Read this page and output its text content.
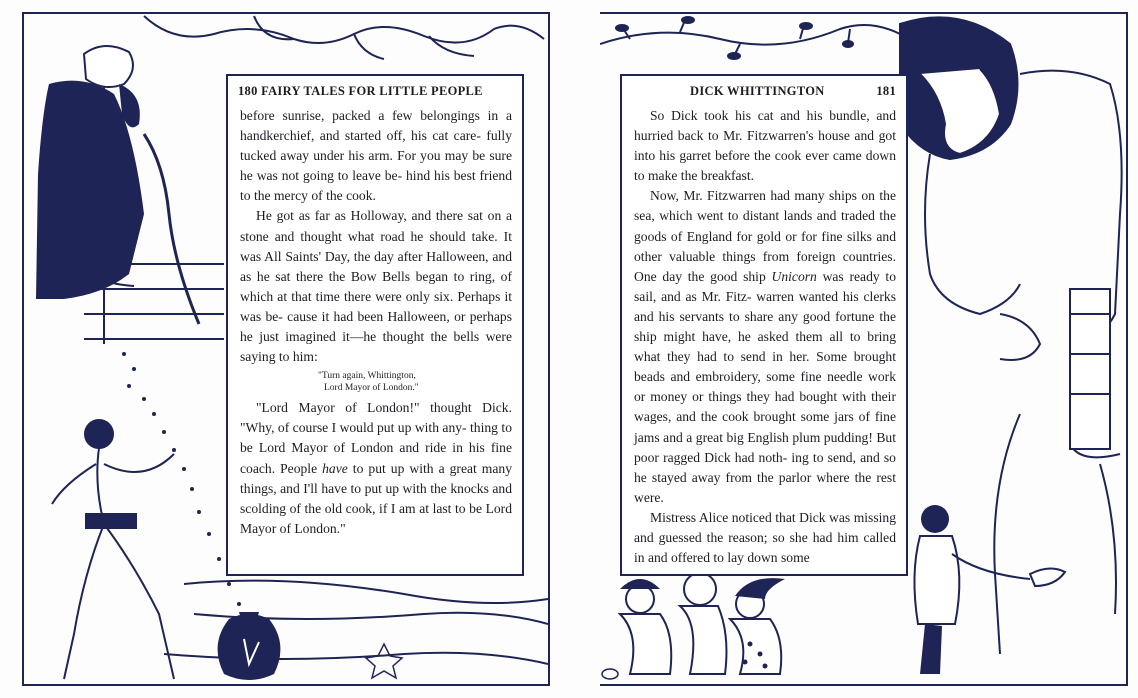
180 FAIRY TALES FOR LITTLE PEOPLE

before sunrise, packed a few belongings in a handkerchief, and started off, his cat care- fully tucked away under his arm. For you may be sure he was not going to leave be- hind his best friend to the mercy of the cook.

He got as far as Holloway, and there sat on a stone and thought what road he should take. It was All Saints' Day, the day after Halloween, and as he sat there the Bow Bells began to ring, of which at that time there were only six. Perhaps it was be- cause it had been Halloween, or perhaps he just imagined it—he thought the bells were saying to him:

"Turn again, Whittington,
Lord Mayor of London."

"Lord Mayor of London!" thought Dick. "Why, of course I would put up with any- thing to be Lord Mayor of London and ride in his fine coach. People have to put up with a great many things, and I'll have to put up with the knocks and scolding of the old cook, if I am at last to be Lord Mayor of London."

DICK WHITTINGTON	181

So Dick took his cat and his bundle, and hurried back to Mr. Fitzwarren's house and got into his garret before the cook ever came down to make the breakfast.

Now, Mr. Fitzwarren had many ships on the sea, which went to distant lands and traded the goods of England for gold or for fine silks and other valuable things from foreign countries. One day the good ship Unicorn was ready to sail, and as Mr. Fitz- warren wanted his clerks and his servants to share any good fortune the ship might have, he asked them all to bring what they had to send in her. Some brought beads and embroidery, some fine needle work or money or things they had bought with their wages, and the cook brought some jars of fine jams and a great big English plum pudding! But poor ragged Dick had noth- ing to send, and so he stayed away from the parlor where the rest were.

Mistress Alice noticed that Dick was missing and guessed the reason; so she had him called in and offered to lay down some
